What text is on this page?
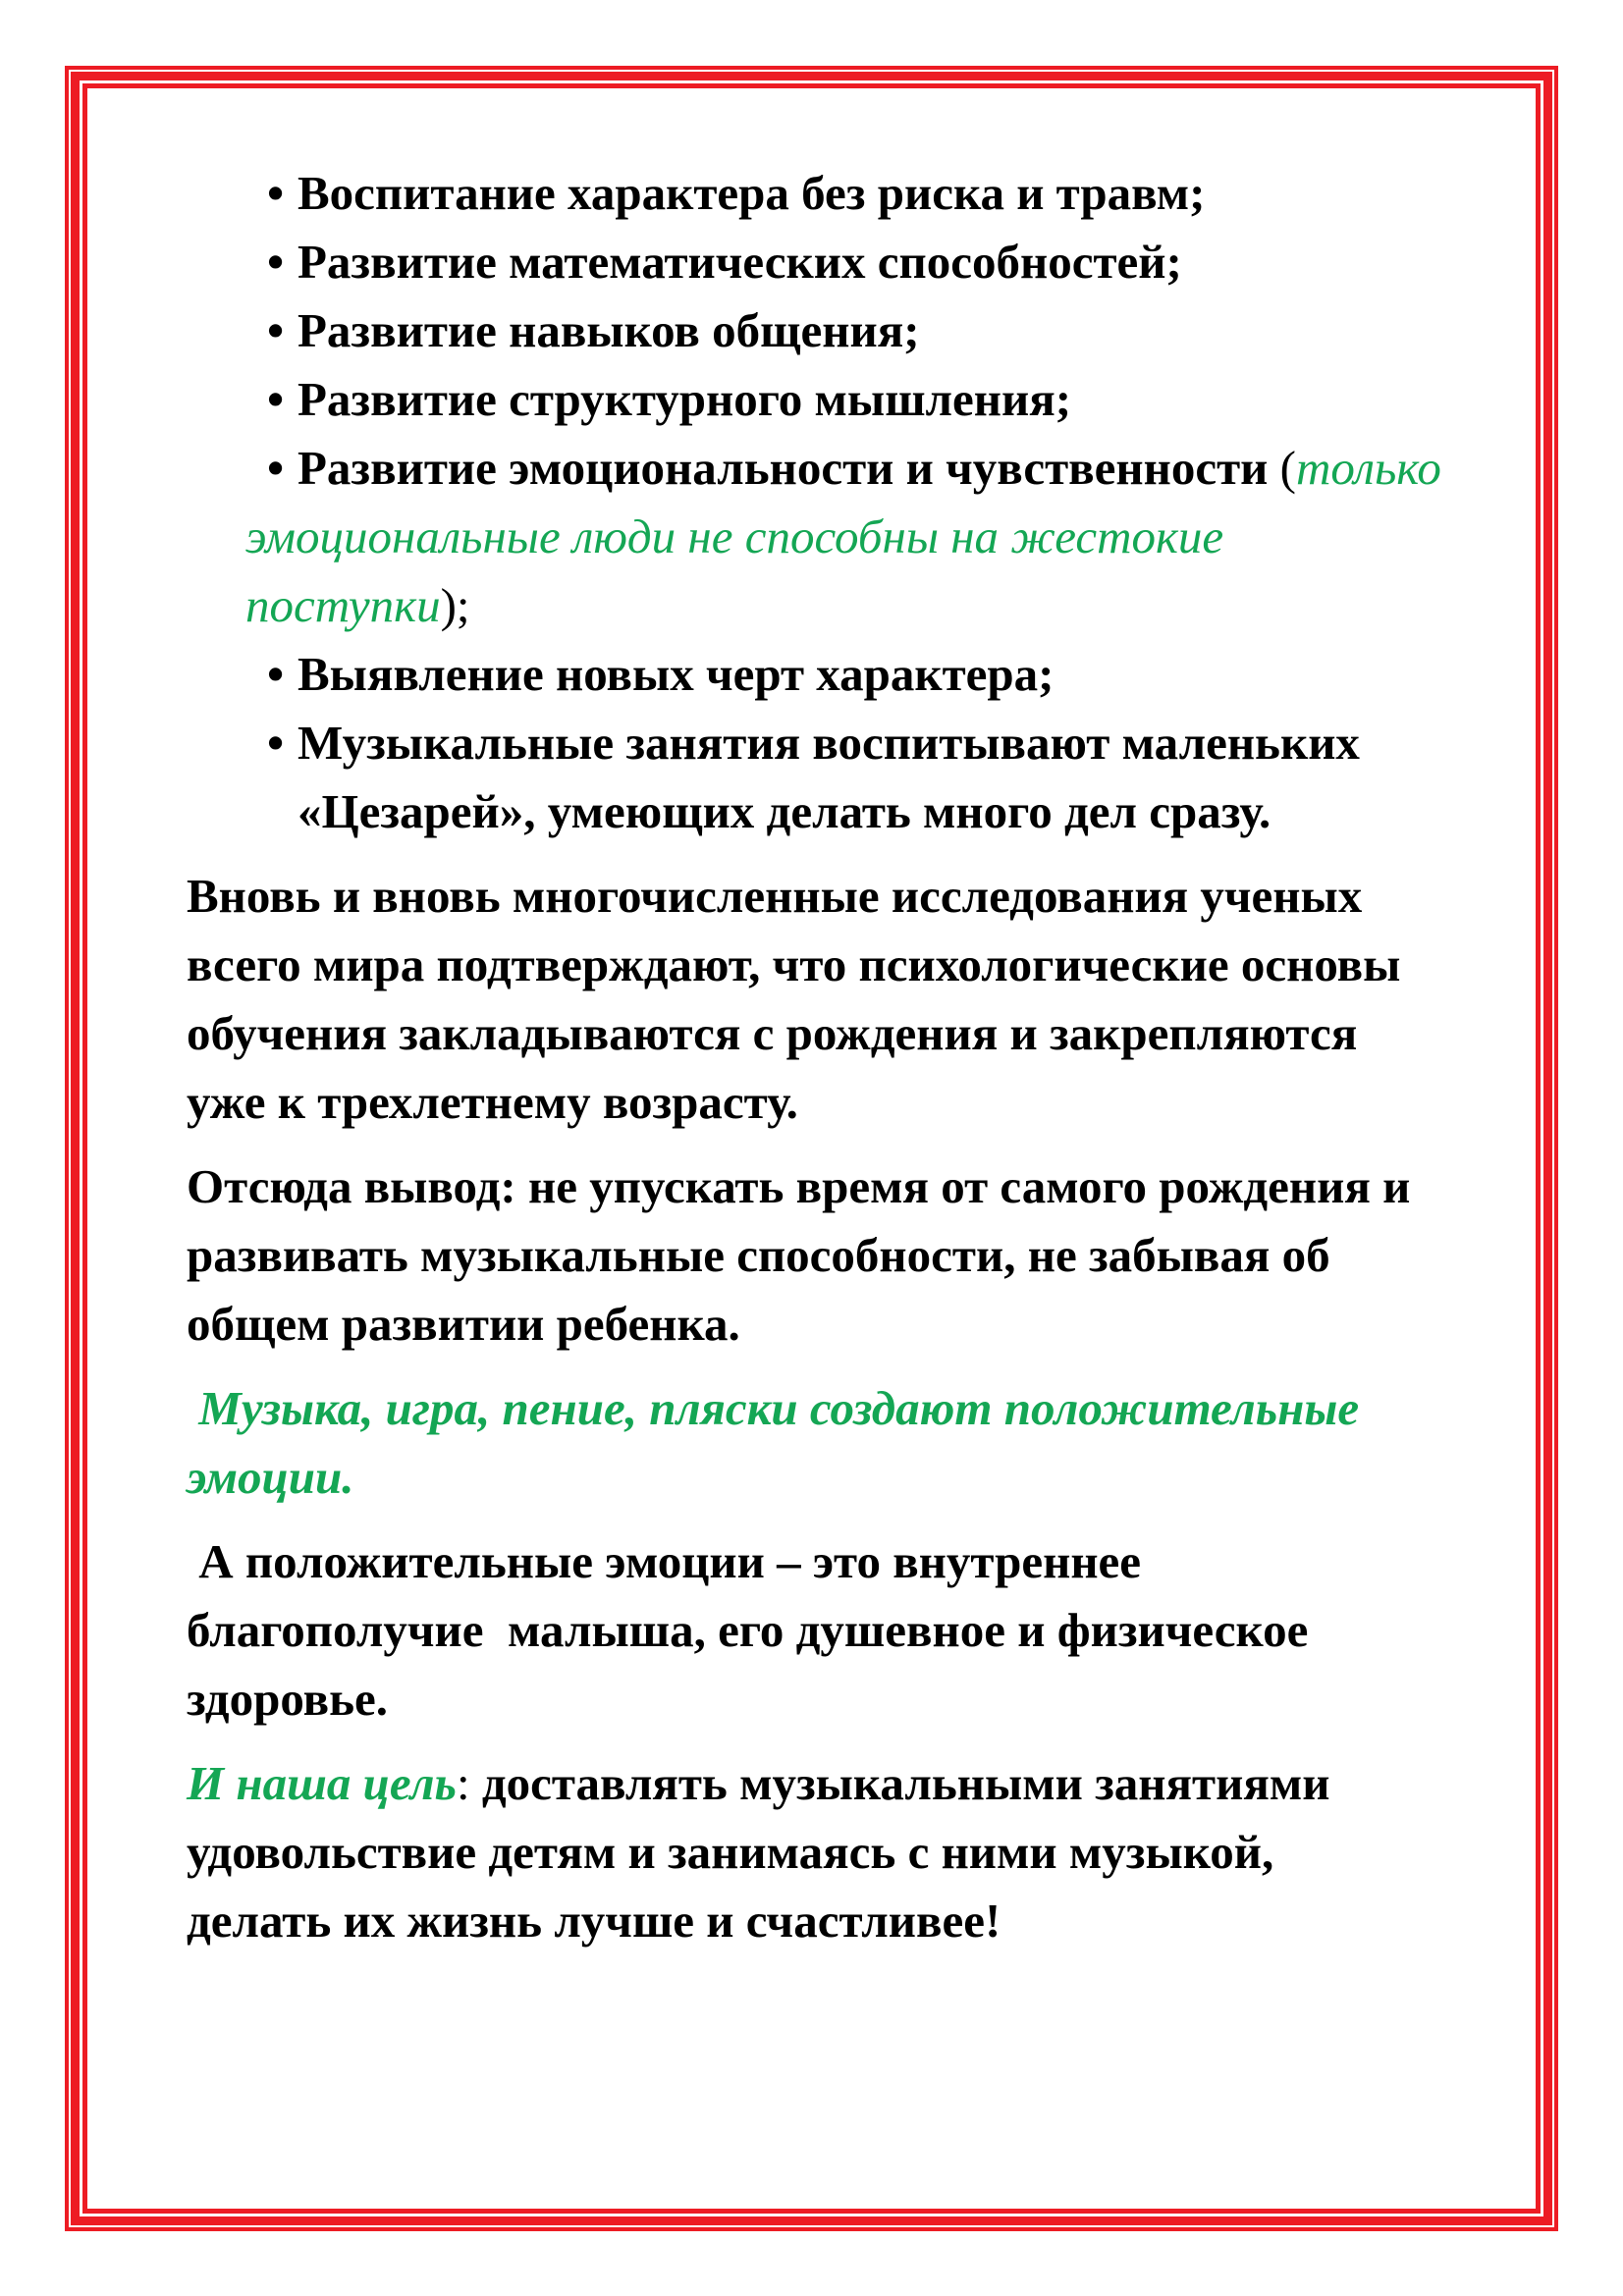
• Воспитание характера без риска и травм;
• Развитие математических способностей;
• Развитие навыков общения;
• Развитие структурного мышления;
• Развитие эмоциональности и чувственности (только
эмоциональные люди не способны на жестокие
поступки);
• Выявление новых черт характера;
• Музыкальные занятия воспитывают маленьких
«Цезарей», умеющих делать много дел сразу.
Вновь и вновь многочисленные исследования ученых
всего мира подтверждают, что психологические основы
обучения закладываются с рождения и закрепляются
уже к трехлетнему возрасту.
Отсюда вывод: не упускать время от самого рождения и
развивать музыкальные способности, не забывая об
общем развитии ребенка.
Музыка, игра, пение, пляски создают положительные
эмоции.
А положительные эмоции – это внутреннее
благополучие  малыша, его душевное и физическое
здоровье.
И наша цель: доставлять музыкальными занятиями
удовольствие детям и занимаясь с ними музыкой,
делать их жизнь лучше и счастливее!
